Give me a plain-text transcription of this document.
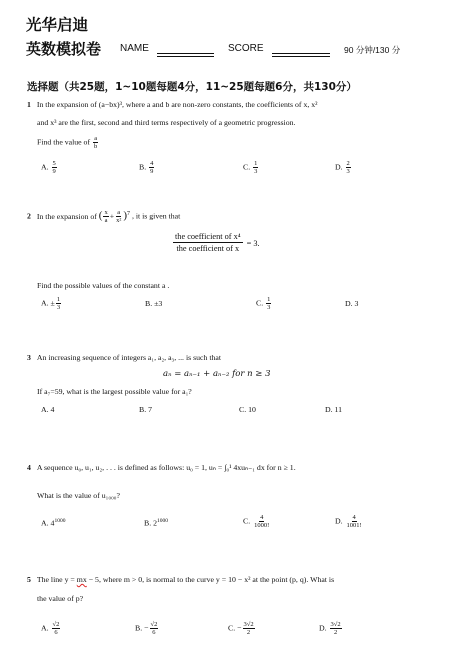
光华启迪
英数模拟卷 NAME	SCORE	90 分钟/130 分
选择题（共25题，1~10题每题4分，11~25题每题6分，共130分）
1 In the expansion of (a−bx)³, where a and b are non-zero constants, the coefficients of x, x²
and x³ are the first, second and third terms respectively of a geometric progression.
Find the value of $\frac{a}{b}$
A. $\frac{5}{9}$	B. $\frac{4}{9}$	C. $\frac{1}{3}$	D. $\frac{2}{3}$
2 In the expansion of ( $\frac{x}{a} + \frac{a}{\text{x²}} )^7$ , it is given that
the coefficient of x⁴
the coefficient of x
= 3.
Find the possible values of the constant a .
A. ± $\frac{1}{3}$	B. ±3	C. $\frac{1}{3}$	D. 3
3 An increasing sequence of integers a₁, a₂, a₃, ... is such that
aₙ = aₙ₋₁ + aₙ₋₂ for n ≥ 3
If a₇=59, what is the largest possible value for a₁?
A. 4	B. 7	C. 10	D. 11
4 A sequence u₀, u₁, u₂, . . . is defined as follows: u₀ = 1, uₙ = ∫₀¹ 4xuₙ₋₁ dx for n ≥ 1.
What is the value of u₁₀₀₀?
A. $4^{1000}$	B. $2^{1000}$	C. $\frac{4}{1000!}$	D. $\frac{4}{1001!}$
5 The line y = mx − 5, where m > 0, is normal to the curve y = 10 − x² at the point (p, q). What is
the value of p?
A. $\frac{√2}{6}$	B. − $\frac{√2}{6}$	C. − $\frac{3√2}{2}$	D. $\frac{3√2}{2}$
